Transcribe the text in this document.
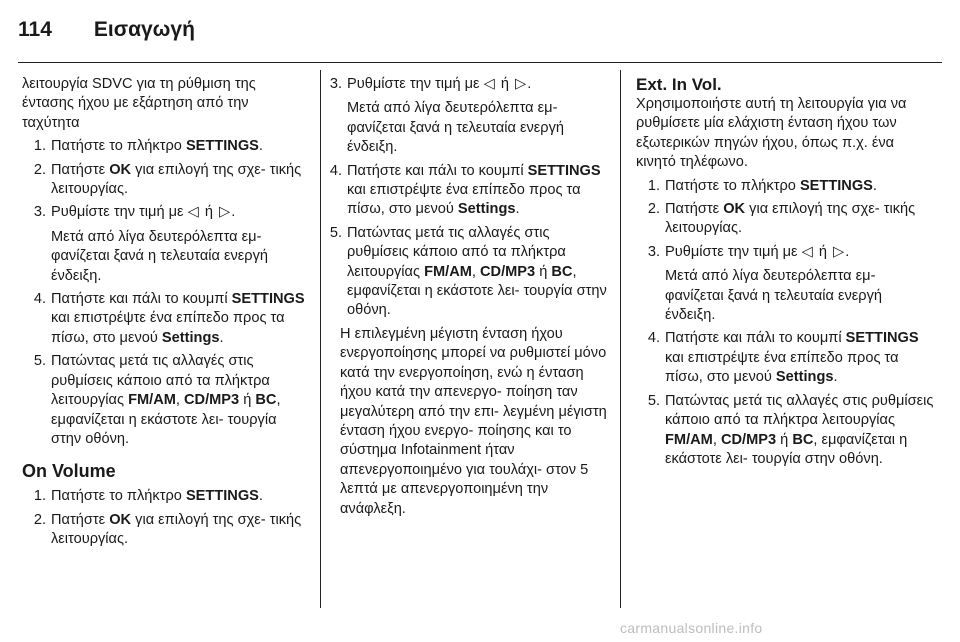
114 Εισαγωγή

λειτουργία SDVC για τη ρύθμιση της έντασης ήχου με εξάρτηση από την ταχύτητα

1. Πατήστε το πλήκτρο SETTINGS.
2. Πατήστε OK για επιλογή της σχε- τικής λειτουργίας.
3. Ρυθμίστε την τιμή με ◁ ή ▷.
Μετά από λίγα δευτερόλεπτα εμ- φανίζεται ξανά η τελευταία ενεργή ένδειξη.
4. Πατήστε και πάλι το κουμπί SETTINGS και επιστρέψτε ένα επίπεδο προς τα πίσω, στο μενού Settings.
5. Πατώντας μετά τις αλλαγές στις ρυθμίσεις κάποιο από τα πλήκτρα λειτουργίας FM/AM, CD/MP3 ή BC, εμφανίζεται η εκάστοτε λει- τουργία στην οθόνη.
On Volume
1. Πατήστε το πλήκτρο SETTINGS.
2. Πατήστε OK για επιλογή της σχε- τικής λειτουργίας.
3. Ρυθμίστε την τιμή με ◁ ή ▷.
Μετά από λίγα δευτερόλεπτα εμ- φανίζεται ξανά η τελευταία ενεργή ένδειξη.
4. Πατήστε και πάλι το κουμπί SETTINGS και επιστρέψτε ένα επίπεδο προς τα πίσω, στο μενού Settings.
5. Πατώντας μετά τις αλλαγές στις ρυθμίσεις κάποιο από τα πλήκτρα λειτουργίας FM/AM, CD/MP3 ή BC, εμφανίζεται η εκάστοτε λει- τουργία στην οθόνη.

Η επιλεγμένη μέγιστη ένταση ήχου ενεργοποίησης μπορεί να ρυθμιστεί μόνο κατά την ενεργοποίηση, ενώ η ένταση ήχου κατά την απενεργο- ποίηση ταν μεγαλύτερη από την επι- λεγμένη μέγιστη ένταση ήχου ενεργο- ποίησης και το σύστημα Infotainment ήταν απενεργοποιημένο για τουλάχι- στον 5 λεπτά με απενεργοποιημένη την ανάφλεξη.

Ext. In Vol.

Χρησιμοποιήστε αυτή τη λειτουργία για να ρυθμίσετε μία ελάχιστη ένταση ήχου των εξωτερικών πηγών ήχου, όπως π.χ. ένα κινητό τηλέφωνο.

1. Πατήστε το πλήκτρο SETTINGS.
2. Πατήστε OK για επιλογή της σχε- τικής λειτουργίας.
3. Ρυθμίστε την τιμή με ◁ ή ▷.
Μετά από λίγα δευτερόλεπτα εμ- φανίζεται ξανά η τελευταία ενεργή ένδειξη.
4. Πατήστε και πάλι το κουμπί SETTINGS και επιστρέψτε ένα επίπεδο προς τα πίσω, στο μενού Settings.
5. Πατώντας μετά τις αλλαγές στις ρυθμίσεις κάποιο από τα πλήκτρα λειτουργίας FM/AM, CD/MP3 ή BC, εμφανίζεται η εκάστοτε λει- τουργία στην οθόνη.
carmanualsonline.info
